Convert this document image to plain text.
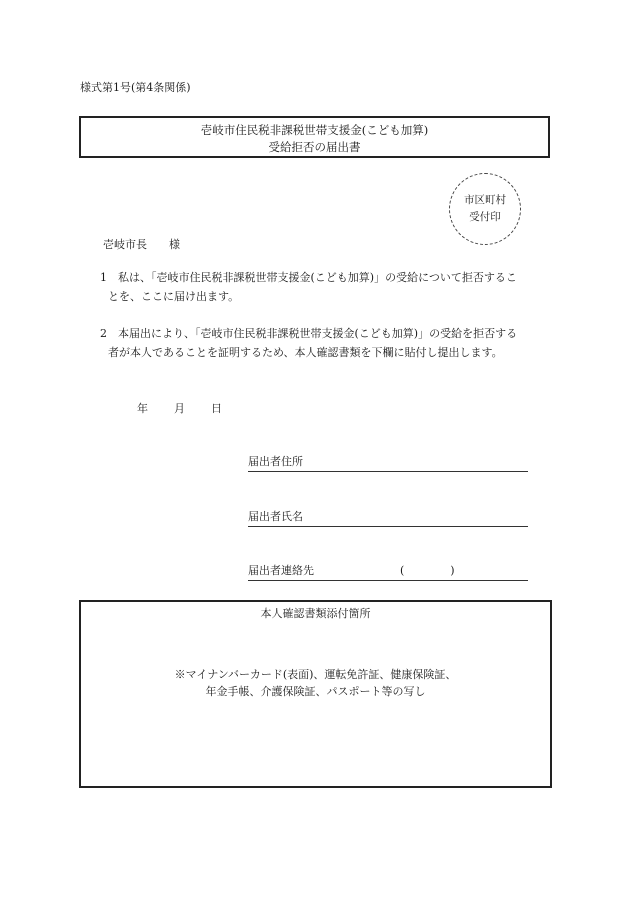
様式第1号(第4条関係)
壱岐市住民税非課税世帯支援金(こども加算)
受給拒否の届出書
市区町村
受付印
壱岐市長 様
1　私は、「壱岐市住民税非課税世帯支援金(こども加算)」の受給について拒否するこ
とを、ここに届け出ます。
2　本届出により、「壱岐市住民税非課税世帯支援金(こども加算)」の受給を拒否する
者が本人であることを証明するため、本人確認書類を下欄に貼付し提出します。
年 月 日
届出者住所
届出者氏名
届出者連絡先	(	)
本人確認書類添付箇所
※マイナンバーカード(表面)、運転免許証、健康保険証、
年金手帳、介護保険証、パスポート等の写し
